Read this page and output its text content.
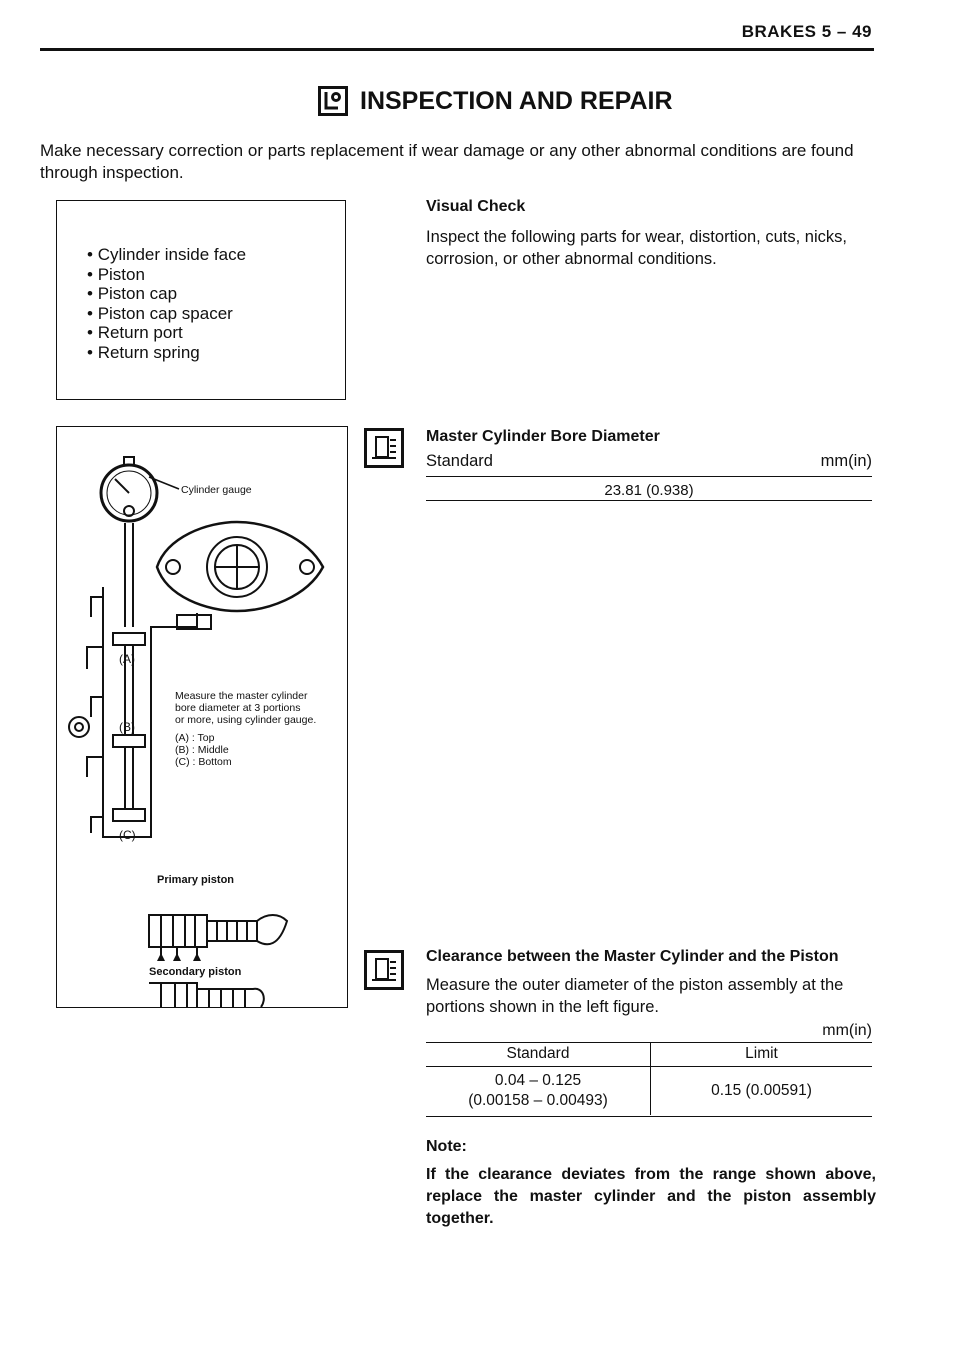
BRAKES 5 – 49
INSPECTION AND REPAIR
Make necessary correction or parts replacement if wear damage or any other abnormal conditions are found through inspection.
• Cylinder inside face
• Piston
• Piston cap
• Piston cap spacer
• Return port
• Return spring
Visual Check
Inspect the following parts for wear, distortion, cuts, nicks, corrosion, or other abnormal conditions.
Cylinder gauge
(A)
(B)
(C)
Measure the master cylinder
bore diameter at 3 portions
or more, using cylinder gauge.
(A) : Top
(B) : Middle
(C) : Bottom
Primary piston
Secondary piston
Master Cylinder Bore Diameter
Standard	mm(in)
23.81 (0.938)
Clearance between the Master Cylinder and the Piston
Measure the outer diameter of the piston assembly at the portions shown in the left figure.
mm(in)
Standard	Limit

0.04 – 0.125
(0.00158 – 0.00493)	0.15 (0.00591)
Note:
If the clearance deviates from the range shown above, replace the master cylinder and the piston assembly together.
